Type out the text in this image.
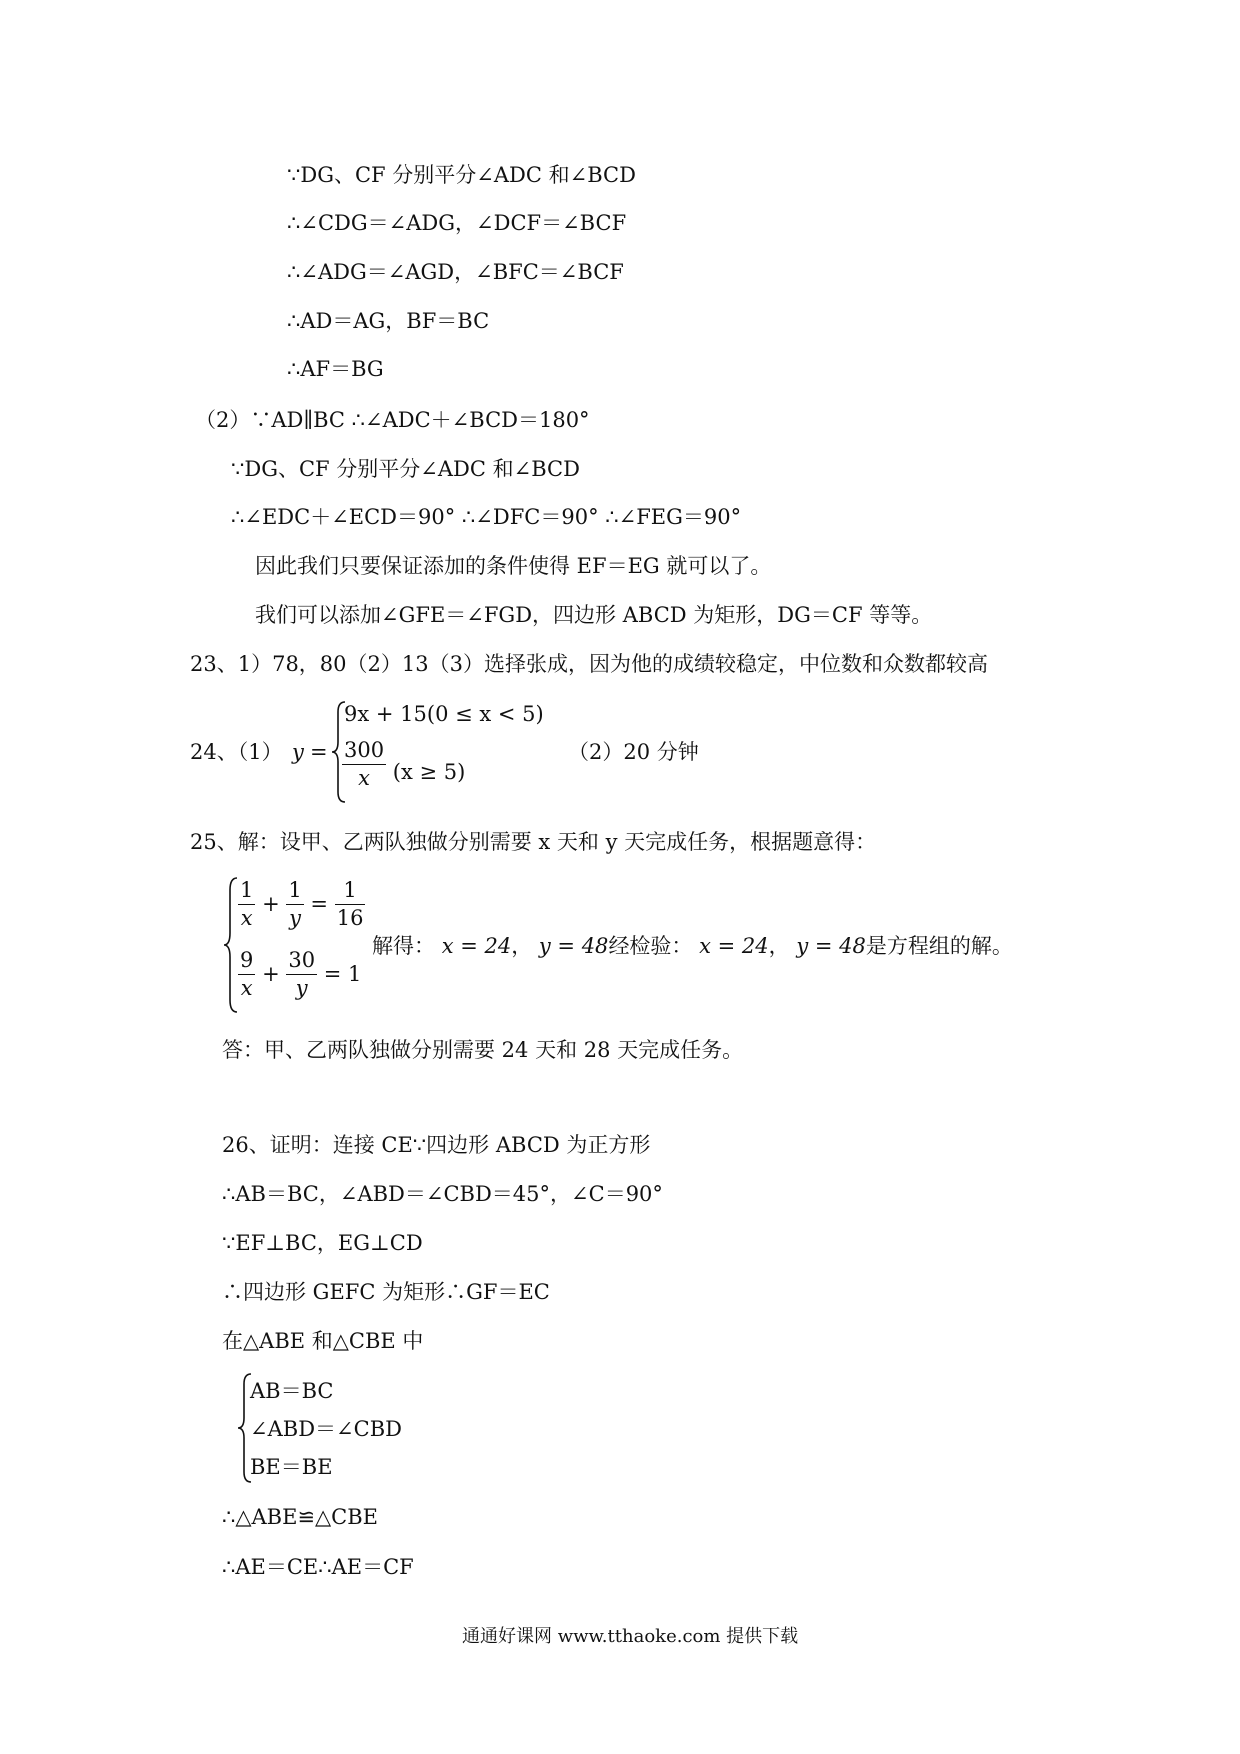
∵DG、CF 分别平分∠ADC 和∠BCD
∴∠CDG＝∠ADG，∠DCF＝∠BCF
∴∠ADG＝∠AGD，∠BFC＝∠BCF
∴AD＝AG，BF＝BC
∴AF＝BG
（2）∵AD∥BC ∴∠ADC＋∠BCD＝180°
∵DG、CF 分别平分∠ADC 和∠BCD
∴∠EDC＋∠ECD＝90° ∴∠DFC＝90° ∴∠FEG＝90°
因此我们只要保证添加的条件使得 EF＝EG 就可以了。
我们可以添加∠GFE＝∠FGD，四边形 ABCD 为矩形，DG＝CF 等等。
23、1）78，80（2）13（3）选择张成，因为他的成绩较稳定，中位数和众数都较高
24、（1） y =
9x + 15(0 ≤ x < 5)
$\frac{300}{x} (x \ge 5)$
（2）20 分钟
25、解：设甲、乙两队独做分别需要 x 天和 y 天完成任务，根据题意得：
$\frac{1}{x} + \frac{1}{y} = \frac{1}{16}$
$\frac{9}{x} + \frac{30}{y} = 1$
解得： x = 24， y = 48经检验： x = 24， y = 48是方程组的解。
答：甲、乙两队独做分别需要 24 天和 28 天完成任务。
26、证明：连接 CE∵四边形 ABCD 为正方形
∴AB＝BC，∠ABD＝∠CBD＝45°，∠C＝90°
∵EF⊥BC，EG⊥CD
∴四边形 GEFC 为矩形∴GF＝EC
在△ABE 和△CBE 中
AB＝BC
∠ABD＝∠CBD
BE＝BE
∴△ABE≌△CBE
∴AE＝CE∴AE＝CF
通通好课网 www.tthaoke.com 提供下载
